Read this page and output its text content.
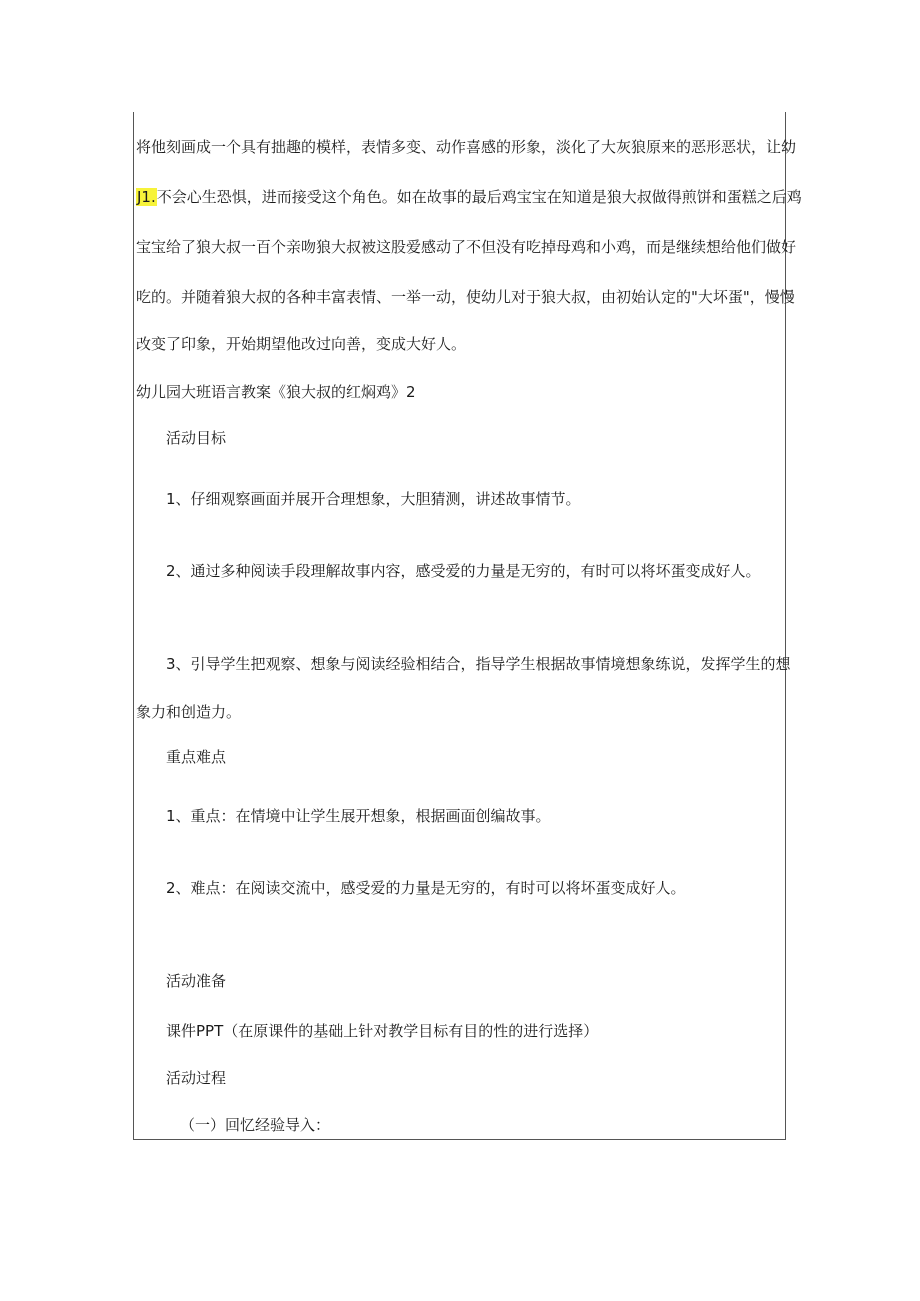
将他刻画成一个具有拙趣的模样，表情多变、动作喜感的形象，淡化了大灰狼原来的恶形恶状，让幼
J1.不会心生恐惧，进而接受这个角色。如在故事的最后鸡宝宝在知道是狼大叔做得煎饼和蛋糕之后鸡
宝宝给了狼大叔一百个亲吻狼大叔被这股爱感动了不但没有吃掉母鸡和小鸡，而是继续想给他们做好
吃的。并随着狼大叔的各种丰富表情、一举一动，使幼儿对于狼大叔，由初始认定的"大坏蛋"，慢慢
改变了印象，开始期望他改过向善，变成大好人。
幼儿园大班语言教案《狼大叔的红焖鸡》2
活动目标
1、仔细观察画面并展开合理想象，大胆猜测，讲述故事情节。
2、通过多种阅读手段理解故事内容，感受爱的力量是无穷的，有时可以将坏蛋变成好人。
3、引导学生把观察、想象与阅读经验相结合，指导学生根据故事情境想象练说，发挥学生的想
象力和创造力。
重点难点
1、重点：在情境中让学生展开想象，根据画面创编故事。
2、难点：在阅读交流中，感受爱的力量是无穷的，有时可以将坏蛋变成好人。
活动准备
课件PPT（在原课件的基础上针对教学目标有目的性的进行选择）
活动过程
（一）回忆经验导入：
